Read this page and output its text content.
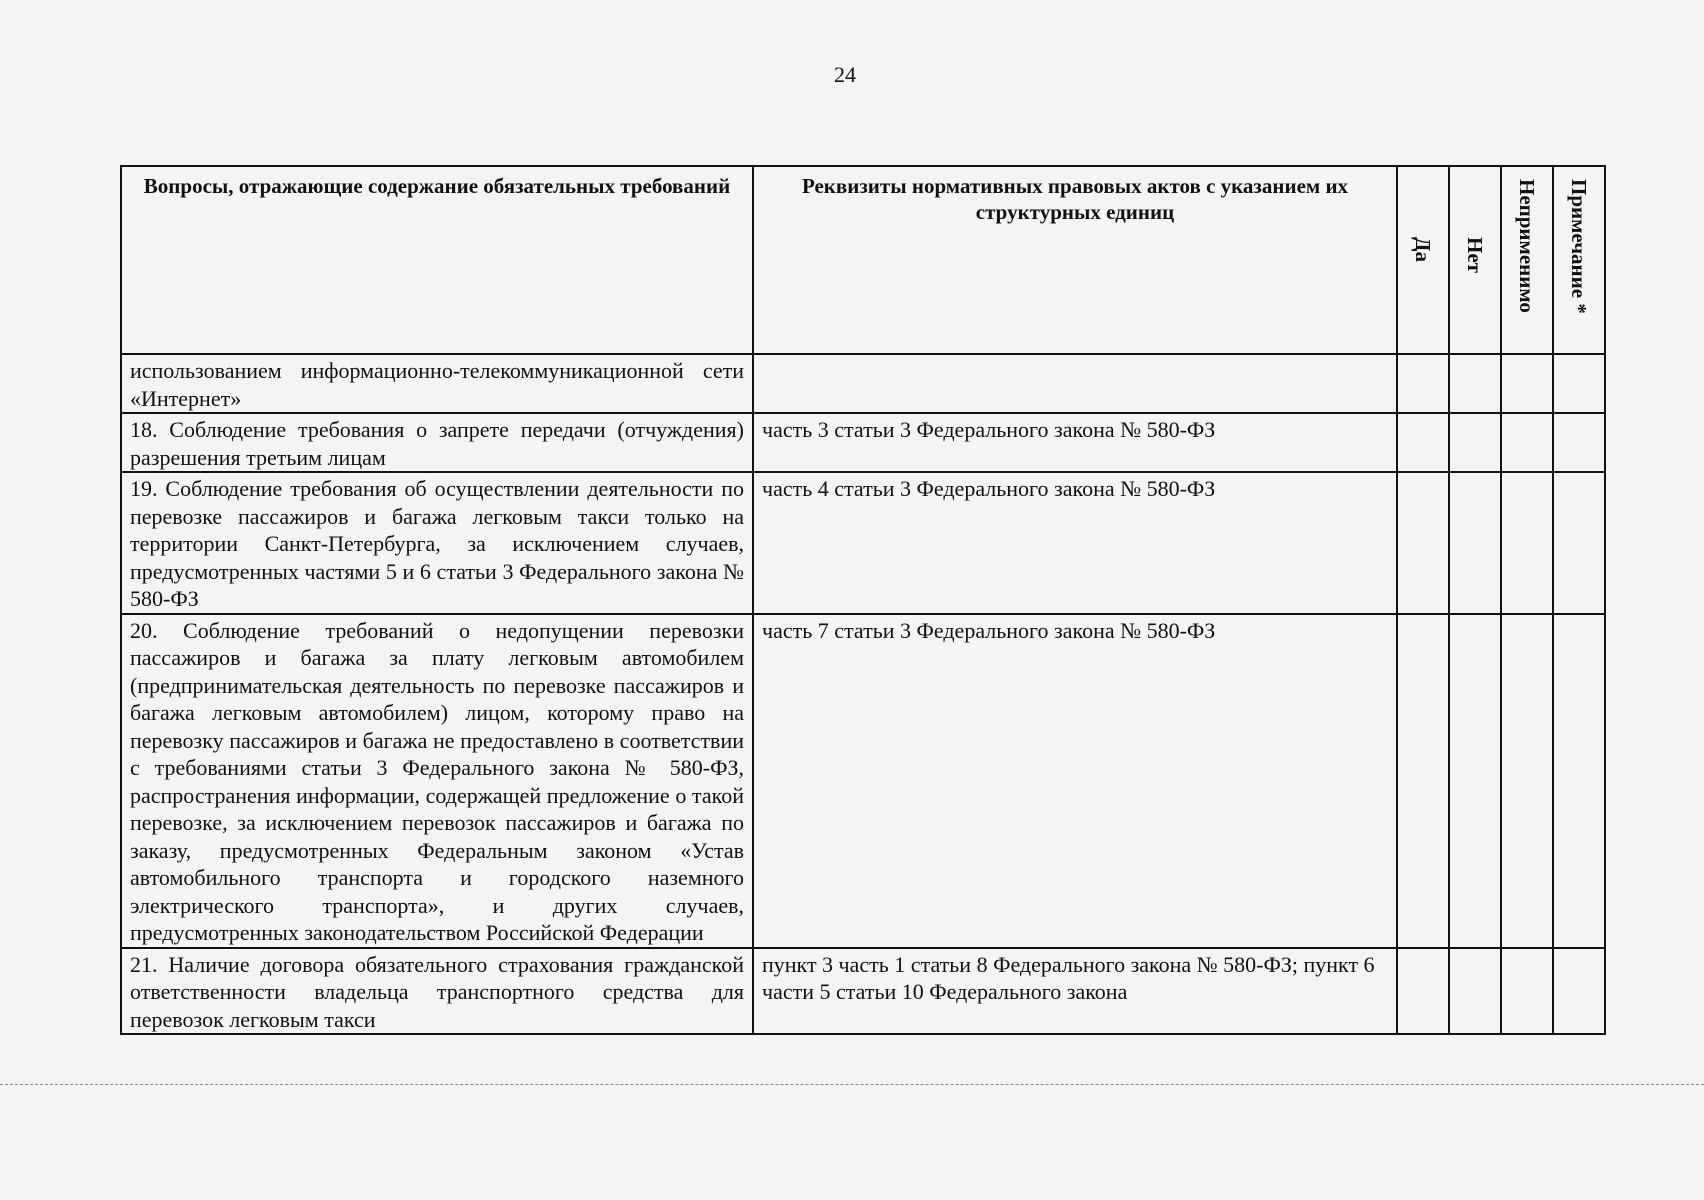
24
Вопросы, отражающие содержание обязательных требований	Реквизиты нормативных правовых актов с указанием их структурных единиц	Да	Нет	Неприменимо	Примечание *

использованием информационно-телекоммуникационной сети «Интернет»					
18. Соблюдение требования о запрете передачи (отчуждения) разрешения третьим лицам	часть 3 статьи 3 Федерального закона № 580-ФЗ				
19. Соблюдение требования об осуществлении деятельности по перевозке пассажиров и багажа легковым такси только на территории Санкт-Петербурга, за исключением случаев, предусмотренных частями 5 и 6 статьи 3 Федерального закона № 580-ФЗ	часть 4 статьи 3 Федерального закона № 580-ФЗ				
20. Соблюдение требований о недопущении перевозки пассажиров и багажа за плату легковым автомобилем (предпринимательская деятельность по перевозке пассажиров и багажа легковым автомобилем) лицом, которому право на перевозку пассажиров и багажа не предоставлено в соответствии с требованиями статьи 3 Федерального закона № 580-ФЗ, распространения информации, содержащей предложение о такой перевозке, за исключением перевозок пассажиров и багажа по заказу, предусмотренных Федеральным законом «Устав автомобильного транспорта и городского наземного электрического транспорта», и других случаев, предусмотренных законодательством Российской Федерации	часть 7 статьи 3 Федерального закона № 580-ФЗ				
21. Наличие договора обязательного страхования гражданской ответственности владельца транспортного средства для перевозок легковым такси	пункт 3 часть 1 статьи 8 Федерального закона № 580-ФЗ; пункт 6 части 5 статьи 10 Федерального закона				
